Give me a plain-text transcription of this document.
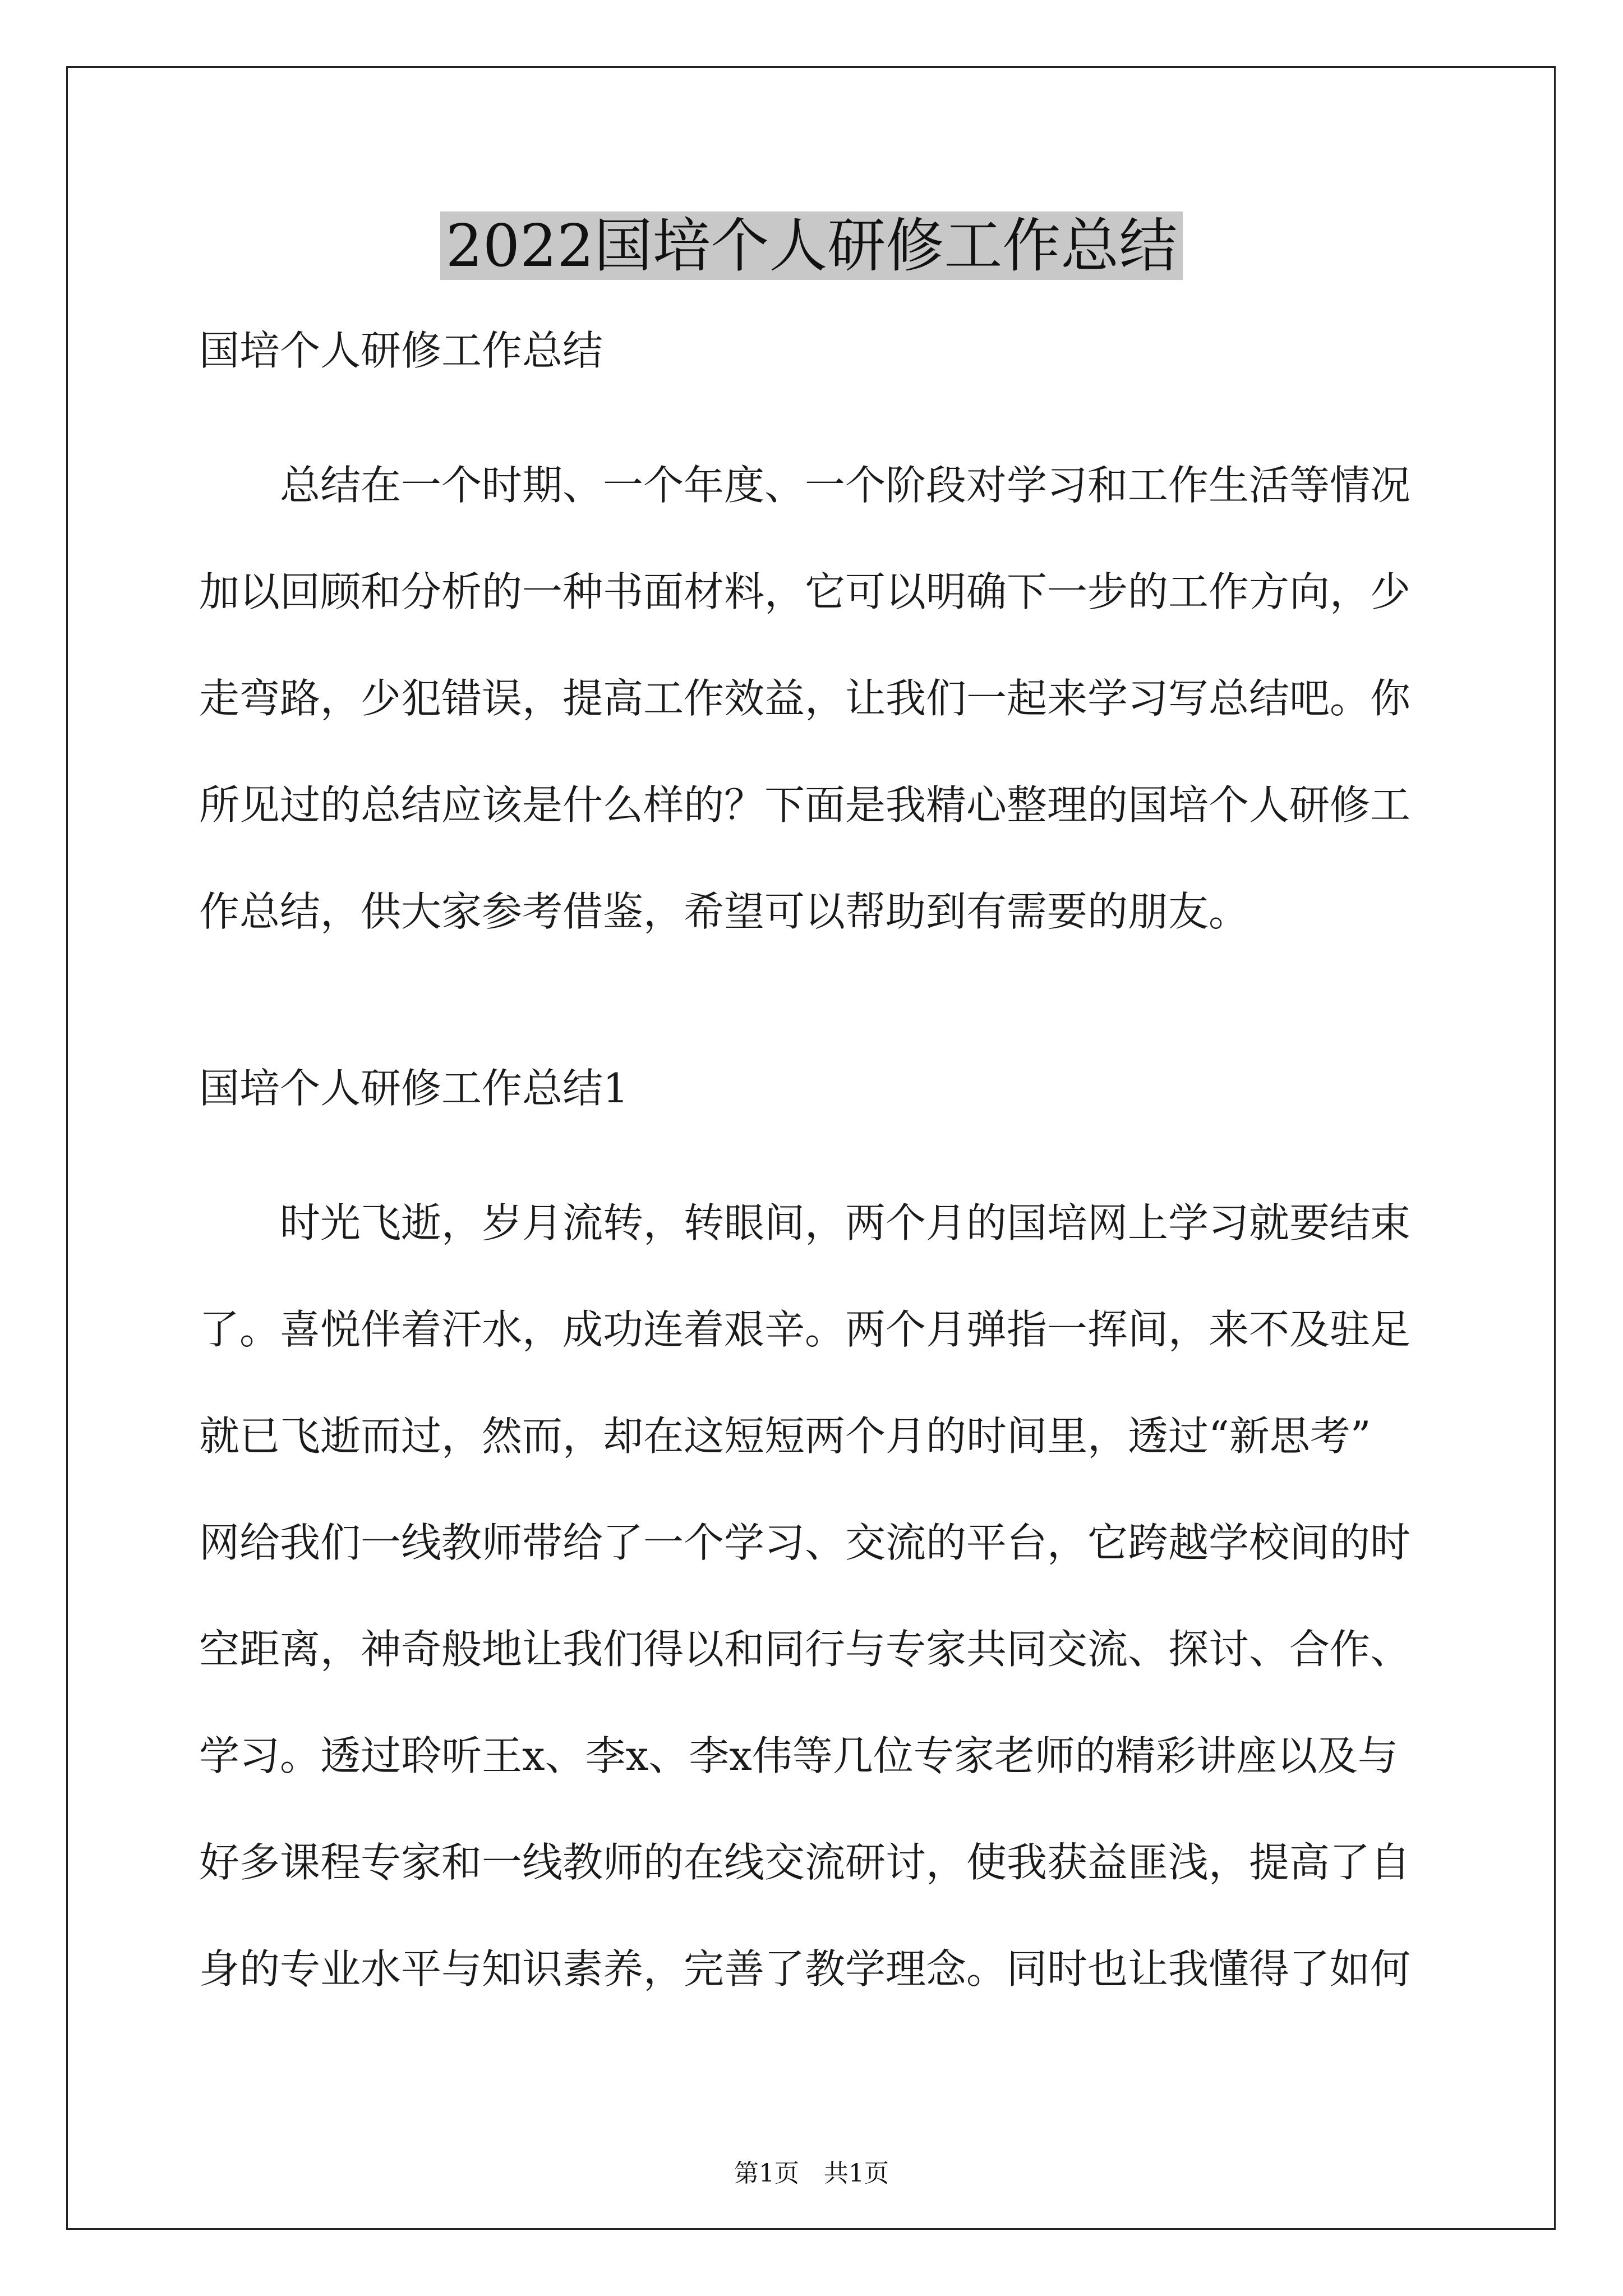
2022国培个人研修工作总结
国培个人研修工作总结
　　总结在一个时期、一个年度、一个阶段对学习和工作生活等情况
加以回顾和分析的一种书面材料，它可以明确下一步的工作方向，少
走弯路，少犯错误，提高工作效益，让我们一起来学习写总结吧。你
所见过的总结应该是什么样的？下面是我精心整理的国培个人研修工
作总结，供大家参考借鉴，希望可以帮助到有需要的朋友。
国培个人研修工作总结1
　　时光飞逝，岁月流转，转眼间，两个月的国培网上学习就要结束
了。喜悦伴着汗水，成功连着艰辛。两个月弹指一挥间，来不及驻足
就已飞逝而过，然而，却在这短短两个月的时间里，透过“新思考”
网给我们一线教师带给了一个学习、交流的平台，它跨越学校间的时
空距离，神奇般地让我们得以和同行与专家共同交流、探讨、合作、
学习。透过聆听王x、李x、李x伟等几位专家老师的精彩讲座以及与
好多课程专家和一线教师的在线交流研讨，使我获益匪浅，提高了自
身的专业水平与知识素养，完善了教学理念。同时也让我懂得了如何
第1页　共1页
